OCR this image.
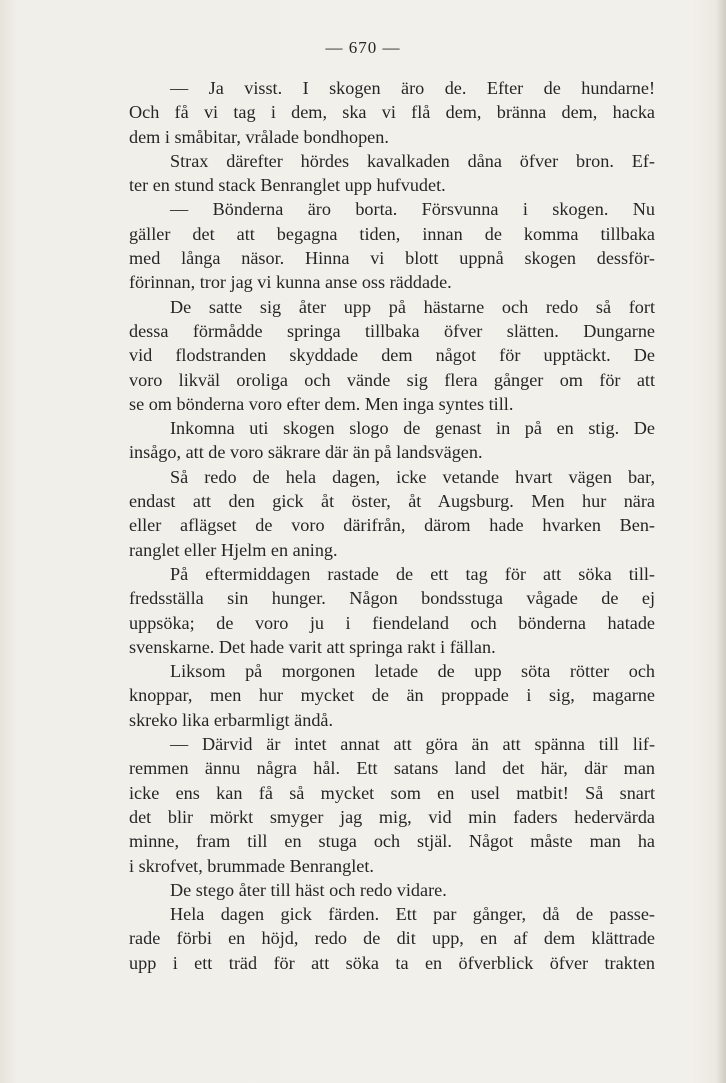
— 670 —
— Ja visst. I skogen äro de. Efter de hundarne!
Och få vi tag i dem, ska vi flå dem, bränna dem, hacka
dem i småbitar, vrålade bondhopen.
Strax därefter hördes kavalkaden dåna öfver bron. Ef-
ter en stund stack Benranglet upp hufvudet.
— Bönderna äro borta. Försvunna i skogen. Nu
gäller det att begagna tiden, innan de komma tillbaka
med långa näsor. Hinna vi blott uppnå skogen dessför-
förinnan, tror jag vi kunna anse oss räddade.
De satte sig åter upp på hästarne och redo så fort
dessa förmådde springa tillbaka öfver slätten. Dungarne
vid flodstranden skyddade dem något för upptäckt. De
voro likväl oroliga och vände sig flera gånger om för att
se om bönderna voro efter dem. Men inga syntes till.
Inkomna uti skogen slogo de genast in på en stig. De
insågo, att de voro säkrare där än på landsvägen.
Så redo de hela dagen, icke vetande hvart vägen bar,
endast att den gick åt öster, åt Augsburg. Men hur nära
eller aflägset de voro därifrån, därom hade hvarken Ben-
ranglet eller Hjelm en aning.
På eftermiddagen rastade de ett tag för att söka till-
fredsställa sin hunger. Någon bondsstuga vågade de ej
uppsöka; de voro ju i fiendeland och bönderna hatade
svenskarne. Det hade varit att springa rakt i fällan.
Liksom på morgonen letade de upp söta rötter och
knoppar, men hur mycket de än proppade i sig, magarne
skreko lika erbarmligt ändå.
— Därvid är intet annat att göra än att spänna till lif-
remmen ännu några hål. Ett satans land det här, där man
icke ens kan få så mycket som en usel matbit! Så snart
det blir mörkt smyger jag mig, vid min faders hedervärda
minne, fram till en stuga och stjäl. Något måste man ha
i skrofvet, brummade Benranglet.
De stego åter till häst och redo vidare.
Hela dagen gick färden. Ett par gånger, då de passe-
rade förbi en höjd, redo de dit upp, en af dem klättrade
upp i ett träd för att söka ta en öfverblick öfver trakten
